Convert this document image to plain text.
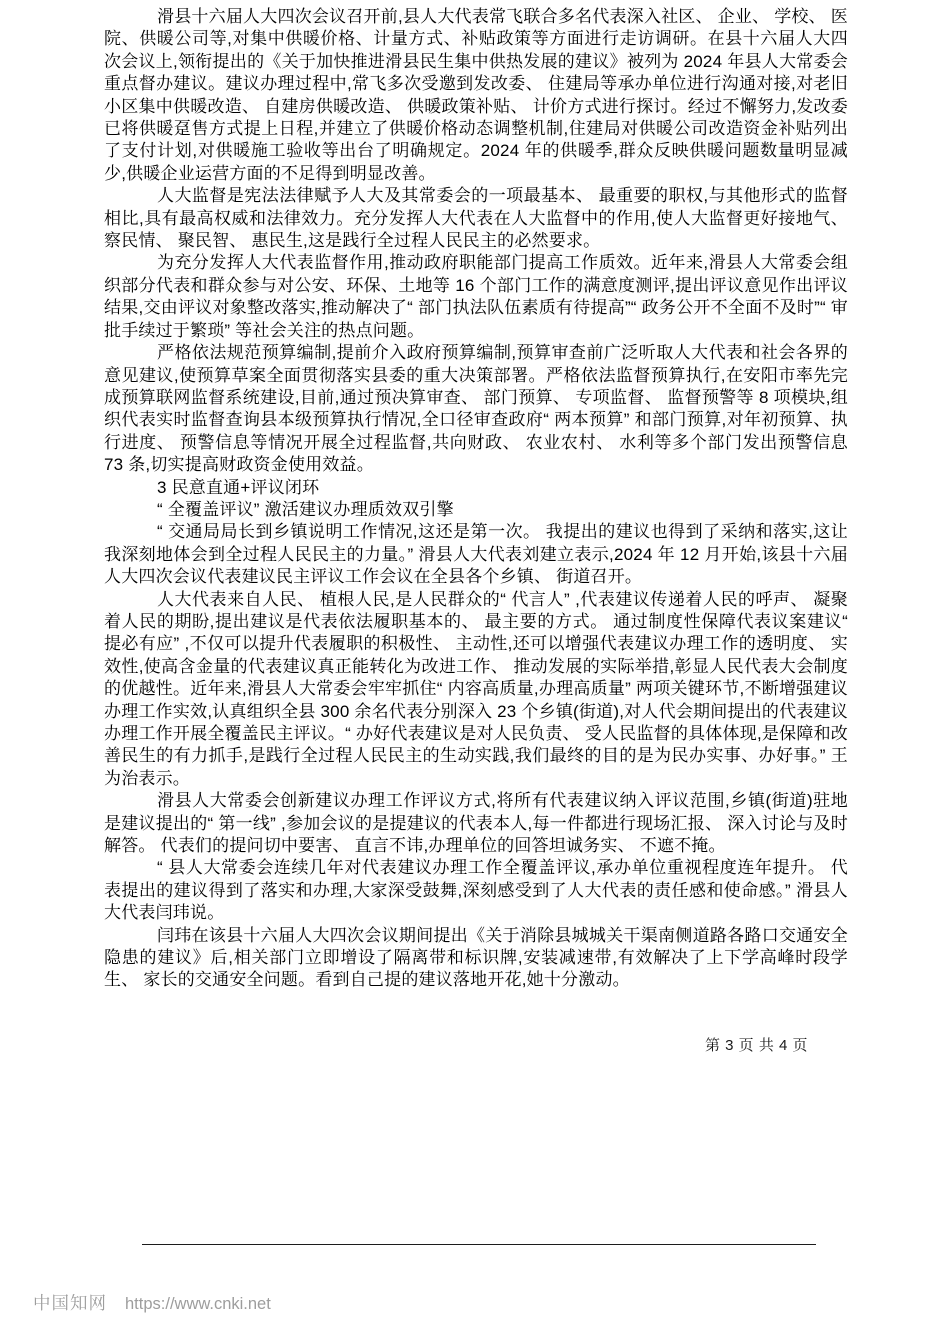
滑县十六届人大四次会议召开前,县人大代表常飞联合多名代表深入社区、 企业、 学校、 医院、供暖公司等,对集中供暖价格、计量方式、补贴政策等方面进行走访调研。在县十六届人大四次会议上,领衔提出的《关于加快推进滑县民生集中供热发展的建议》被列为 2024 年县人大常委会重点督办建议。建议办理过程中,常飞多次受邀到发改委、 住建局等承办单位进行沟通对接,对老旧小区集中供暖改造、 自建房供暖改造、 供暖政策补贴、 计价方式进行探讨。经过不懈努力,发改委已将供暖趸售方式提上日程,并建立了供暖价格动态调整机制,住建局对供暖公司改造资金补贴列出了支付计划,对供暖施工验收等出台了明确规定。2024 年的供暖季,群众反映供暖问题数量明显减少,供暖企业运营方面的不足得到明显改善。

人大监督是宪法法律赋予人大及其常委会的一项最基本、 最重要的职权,与其他形式的监督相比,具有最高权威和法律效力。充分发挥人大代表在人大监督中的作用,使人大监督更好接地气、察民情、 聚民智、 惠民生,这是践行全过程人民民主的必然要求。

为充分发挥人大代表监督作用,推动政府职能部门提高工作质效。近年来,滑县人大常委会组织部分代表和群众参与对公安、环保、土地等 16 个部门工作的满意度测评,提出评议意见作出评议结果,交由评议对象整改落实,推动解决了“ 部门执法队伍素质有待提高”“ 政务公开不全面不及时”“ 审批手续过于繁琐” 等社会关注的热点问题。

严格依法规范预算编制,提前介入政府预算编制,预算审查前广泛听取人大代表和社会各界的意见建议,使预算草案全面贯彻落实县委的重大决策部署。严格依法监督预算执行,在安阳市率先完成预算联网监督系统建设,目前,通过预决算审查、 部门预算、 专项监督、 监督预警等 8 项模块,组织代表实时监督查询县本级预算执行情况,全口径审查政府“ 两本预算” 和部门预算,对年初预算、执行进度、 预警信息等情况开展全过程监督,共向财政、 农业农村、 水利等多个部门发出预警信息 73 条,切实提高财政资金使用效益。

3 民意直通+评议闭环

“ 全覆盖评议” 激活建议办理质效双引擎

“ 交通局局长到乡镇说明工作情况,这还是第一次。 我提出的建议也得到了采纳和落实,这让我深刻地体会到全过程人民民主的力量。” 滑县人大代表刘建立表示,2024 年 12 月开始,该县十六届人大四次会议代表建议民主评议工作会议在全县各个乡镇、 街道召开。

人大代表来自人民、 植根人民,是人民群众的“ 代言人” ,代表建议传递着人民的呼声、 凝聚着人民的期盼,提出建议是代表依法履职基本的、 最主要的方式。 通过制度性保障代表议案建议“ 提必有应” ,不仅可以提升代表履职的积极性、 主动性,还可以增强代表建议办理工作的透明度、 实效性,使高含金量的代表建议真正能转化为改进工作、 推动发展的实际举措,彰显人民代表大会制度的优越性。近年来,滑县人大常委会牢牢抓住“ 内容高质量,办理高质量” 两项关键环节,不断增强建议办理工作实效,认真组织全县 300 余名代表分别深入 23 个乡镇(街道),对人代会期间提出的代表建议办理工作开展全覆盖民主评议。“ 办好代表建议是对人民负责、 受人民监督的具体体现,是保障和改善民生的有力抓手,是践行全过程人民民主的生动实践,我们最终的目的是为民办实事、办好事。” 王为治表示。

滑县人大常委会创新建议办理工作评议方式,将所有代表建议纳入评议范围,乡镇(街道)驻地是建议提出的“ 第一线” ,参加会议的是提建议的代表本人,每一件都进行现场汇报、 深入讨论与及时解答。 代表们的提问切中要害、 直言不讳,办理单位的回答坦诚务实、 不遮不掩。

“ 县人大常委会连续几年对代表建议办理工作全覆盖评议,承办单位重视程度连年提升。 代表提出的建议得到了落实和办理,大家深受鼓舞,深刻感受到了人大代表的责任感和使命感。” 滑县人大代表闫玮说。

闫玮在该县十六届人大四次会议期间提出《关于消除县城城关干渠南侧道路各路口交通安全隐患的建议》后,相关部门立即增设了隔离带和标识牌,安装减速带,有效解决了上下学高峰时段学生、 家长的交通安全问题。看到自己提的建议落地开花,她十分激动。

第 3 页 共 4 页
中国知网 https://www.cnki.net
